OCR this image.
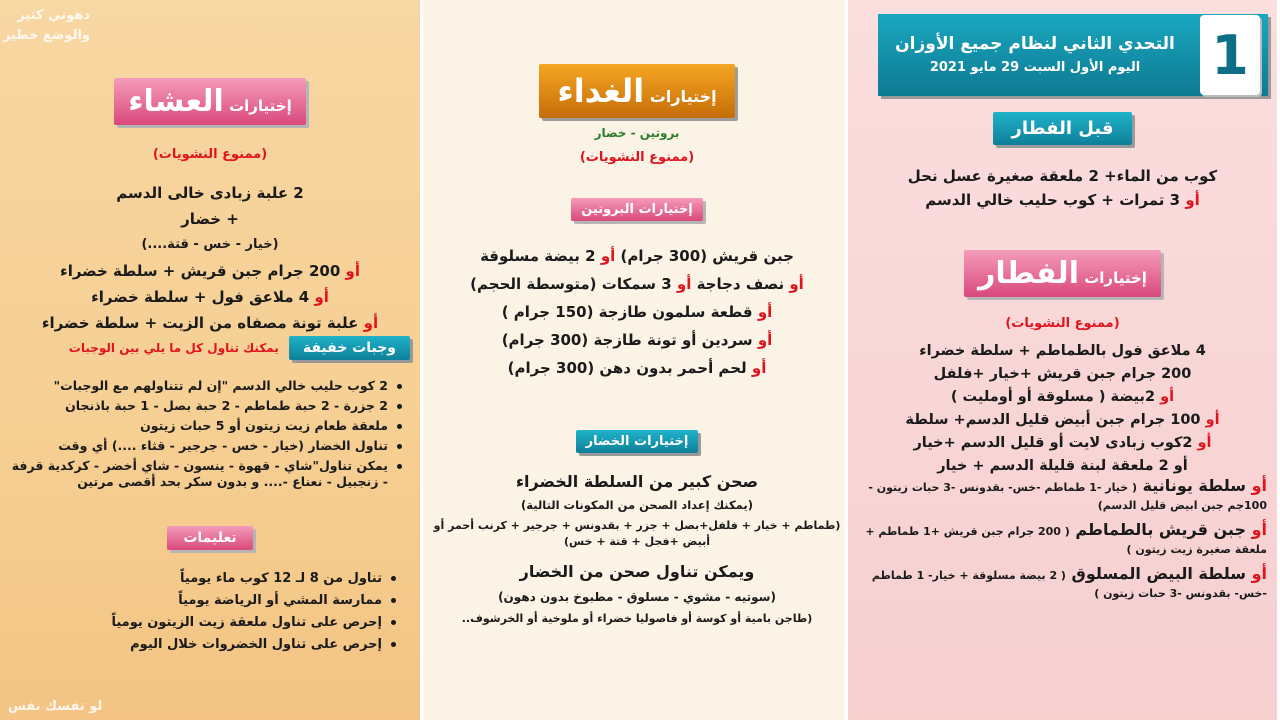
دهوني كتير
والوضع خطير
لو تفسك نفس
إختيارات العشاء
(ممنوع النشويات)
2 علبة زبادى خالى الدسم
+ خضار
(خيار - خس - قتة....)
أو 200 جرام جبن قريش + سلطة خضراء
أو 4 ملاعق فول + سلطة خضراء
أو علبة تونة مصفاه من الزيت + سلطة خضراء
وجبات خفيفة
يمكنك تناول كل ما يلي بين الوجبات
2 كوب حليب خالي الدسم "إن لم تتناولهم مع الوجبات"
2 جزرة - 2 حبة طماطم - 2 حبة بصل - 1 حبة باذنجان
ملعقة طعام زيت زيتون أو 5 حبات زيتون
تناول الخضار (خيار - خس - جرجير - قثاء ....) أي وقت
يمكن تناول"شاي - قهوة - ينسون - شاي أخضر - كركدية قرفة - زنجبيل - نعناع -.... و بدون سكر بحد أقصى مرتين
تعليمات
تناول من 8 لـ 12 كوب ماء يومياً
ممارسة المشي أو الرياضة يومياً
إحرص على تناول ملعقة زيت الزيتون يومياً
إحرص على تناول الخضروات خلال اليوم
إختيارات الغداء
بروتين - خضار
(ممنوع النشويات)
إختيارات البروتين
جبن قريش (300 جرام) أو 2 بيضة مسلوقة
أو نصف دجاجة أو 3 سمكات (متوسطة الحجم)
أو قطعة سلمون طازجة (150 جرام )
أو سردين أو تونة طازجة (300 جرام)
أو لحم أحمر بدون دهن (300 جرام)
إختيارات الخضار
صحن كبير من السلطة الخضراء
(يمكنك إعداد الصحن من المكونات التالية)
(طماطم + خيار + فلفل+بصل + جزر + بقدونس + جرجير + كرنب أحمر أو أبيض +فجل + قتة + خس)
ويمكن تناول صحن من الخضار
(سوتيه - مشوي - مسلوق - مطبوخ بدون دهون)
(طاجن بامية أو كوسة أو فاصوليا خضراء أو ملوخية أو الخرشوف..
التحدي الثاني لنظام جميع الأوزان
اليوم الأول السبت 29 مايو 2021	1
قبل الفطار
كوب من الماء+ 2 ملعقة صغيرة عسل نحل
أو 3 تمرات + كوب حليب خالي الدسم
إختيارات الفطار
(ممنوع النشويات)
4 ملاعق فول بالطماطم + سلطة خضراء
200 جرام جبن قريش +خيار +فلفل
أو 2بيضة ( مسلوقة أو أومليت )
أو 100 جرام جبن أبيض قليل الدسم+ سلطة
أو 2كوب زبادى لايت أو قليل الدسم +خيار
أو 2 ملعقة لبنة قليلة الدسم + خيار
أو سلطة يونانية ( خيار -1 طماطم -خس- بقدونس -3 حبات زيتون - 100جم جبن ابيض قليل الدسم)
أو جبن قريش بالطماطم ( 200 جرام جبن قريش +1 طماطم + ملعقة صغيرة زيت زيتون )
أو سلطة البيض المسلوق ( 2 بيضة مسلوقة + خيار- 1 طماطم -خس- بقدونس -3 حبات زيتون )
